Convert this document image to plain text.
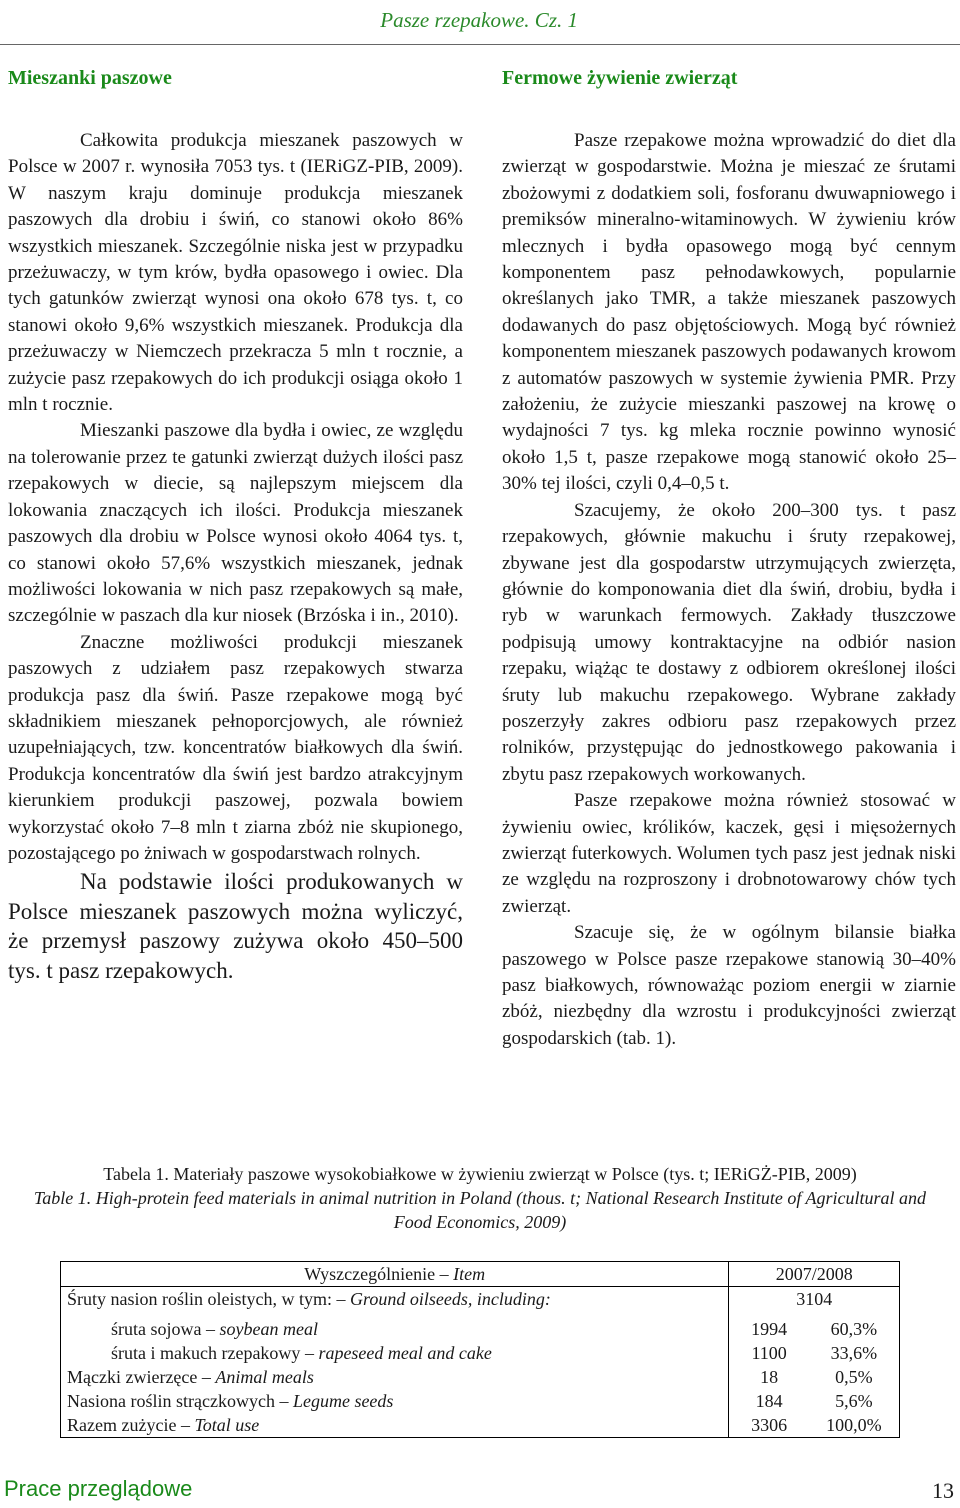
Pasze rzepakowe. Cz. 1
Mieszanki paszowe

Całkowita produkcja mieszanek paszowych w Polsce w 2007 r. wynosiła 7053 tys. t (IERiGZ-PIB, 2009). W naszym kraju dominuje produkcja mieszanek paszowych dla drobiu i świń, co stanowi około 86% wszystkich mieszanek. Szczególnie niska jest w przypadku przeżuwaczy, w tym krów, bydła opasowego i owiec. Dla tych gatunków zwierząt wynosi ona około 678 tys. t, co stanowi około 9,6% wszystkich mieszanek. Produkcja dla przeżuwaczy w Niemczech przekracza 5 mln t rocznie, a zużycie pasz rzepakowych do ich produkcji osiąga około 1 mln t rocznie.

Mieszanki paszowe dla bydła i owiec, ze względu na tolerowanie przez te gatunki zwierząt dużych ilości pasz rzepakowych w diecie, są najlepszym miejscem dla lokowania znaczących ich ilości. Produkcja mieszanek paszowych dla drobiu w Polsce wynosi około 4064 tys. t, co stanowi około 57,6% wszystkich mieszanek, jednak możliwości lokowania w nich pasz rzepakowych są małe, szczególnie w paszach dla kur niosek (Brzóska i in., 2010).

Znaczne możliwości produkcji mieszanek paszowych z udziałem pasz rzepakowych stwarza produkcja pasz dla świń. Pasze rzepakowe mogą być składnikiem mieszanek pełnoporcjowych, ale również uzupełniających, tzw. koncentratów białkowych dla świń. Produkcja koncentratów dla świń jest bardzo atrakcyjnym kierunkiem produkcji paszowej, pozwala bowiem wykorzystać około 7–8 mln t ziarna zbóż nie skupionego, pozostającego po żniwach w gospodarstwach rolnych.

Na podstawie ilości produkowanych w Polsce mieszanek paszowych można wyliczyć, że przemysł paszowy zużywa około 450–500 tys. t pasz rzepakowych.

Fermowe żywienie zwierząt

Pasze rzepakowe można wprowadzić do diet dla zwierząt w gospodarstwie. Można je mieszać ze śrutami zbożowymi z dodatkiem soli, fosforanu dwuwapniowego i premiksów mineralno-witaminowych. W żywieniu krów mlecznych i bydła opasowego mogą być cennym komponentem pasz pełnodawkowych, popularnie określanych jako TMR, a także mieszanek paszowych dodawanych do pasz objętościowych. Mogą być również komponentem mieszanek paszowych podawanych krowom z automatów paszowych w systemie żywienia PMR. Przy założeniu, że zużycie mieszanki paszowej na krowę o wydajności 7 tys. kg mleka rocznie powinno wynosić około 1,5 t, pasze rzepakowe mogą stanowić około 25–30% tej ilości, czyli 0,4–0,5 t.

Szacujemy, że około 200–300 tys. t pasz rzepakowych, głównie makuchu i śruty rzepakowej, zbywane jest dla gospodarstw utrzymujących zwierzęta, głównie do komponowania diet dla świń, drobiu, bydła i ryb w warunkach fermowych. Zakłady tłuszczowe podpisują umowy kontraktacyjne na odbiór nasion rzepaku, wiążąc te dostawy z odbiorem określonej ilości śruty lub makuchu rzepakowego. Wybrane zakłady poszerzyły zakres odbioru pasz rzepakowych przez rolników, przystępując do jednostkowego pakowania i zbytu pasz rzepakowych workowanych.

Pasze rzepakowe można również stosować w żywieniu owiec, królików, kaczek, gęsi i mięsożernych zwierząt futerkowych. Wolumen tych pasz jest jednak niski ze względu na rozproszony i drobnotowarowy chów tych zwierząt.

Szacuje się, że w ogólnym bilansie białka paszowego w Polsce pasze rzepakowe stanowią 30–40% pasz białkowych, równoważąc poziom energii w ziarnie zbóż, niezbędny dla wzrostu i produkcyjności zwierząt gospodarskich (tab. 1).

Tabela 1. Materiały paszowe wysokobiałkowe w żywieniu zwierząt w Polsce (tys. t; IERiGŻ-PIB, 2009)
Table 1. High-protein feed materials in animal nutrition in Poland (thous. t; National Research Institute of Agricultural and Food Economics, 2009)
Wyszczególnienie – Item	2007/2008	
Śruty nasion roślin oleistych, w tym: – Ground oilseeds, including:	3104	

śruta sojowa – soybean meal	1994	60,3%
śruta i makuch rzepakowy – rapeseed meal and cake	1100	33,6%
Mączki zwierzęce – Animal meals	18	0,5%
Nasiona roślin strączkowych – Legume seeds	184	5,6%
Razem zużycie – Total use	3306	100,0%
Prace przeglądowe	13
